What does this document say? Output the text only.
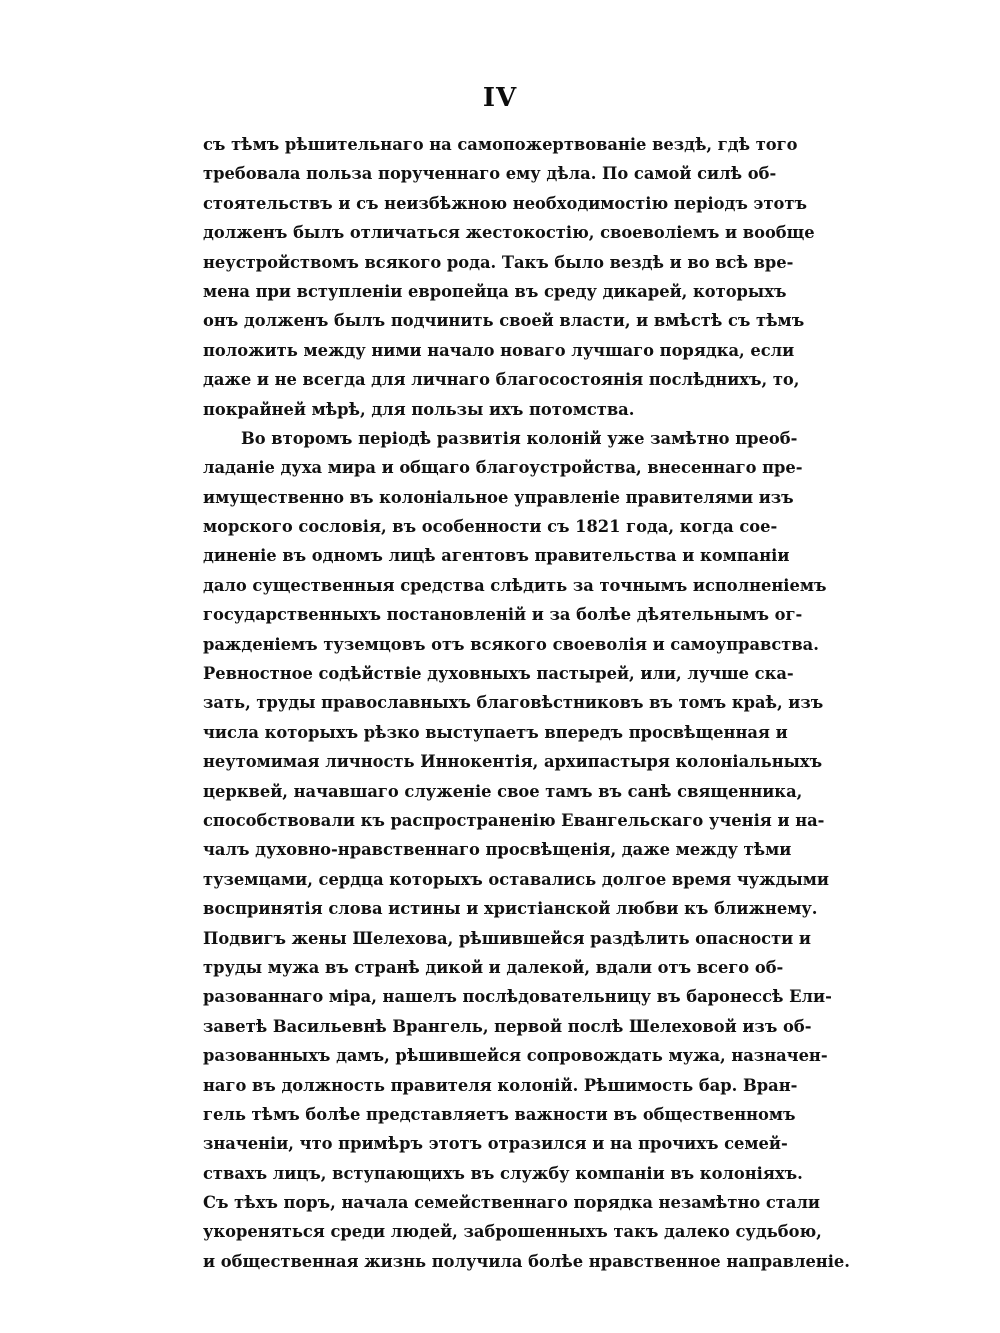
IV
съ тѣмъ рѣшительнаго на самопожертвованіе вездѣ, гдѣ того
требовала польза порученнаго ему дѣла. По самой силѣ об-
стоятельствъ и съ неизбѣжною необходимостію періодъ этотъ
долженъ былъ отличаться жестокостію, своеволіемъ и вообще
неустройствомъ всякого рода. Такъ было вездѣ и во всѣ вре-
мена при вступленіи европейца въ среду дикарей, которыхъ
онъ долженъ былъ подчинить своей власти, и вмѣстѣ съ тѣмъ
положить между ними начало новаго лучшаго порядка, если
даже и не всегда для личнаго благосостоянія послѣднихъ, то,
покрайней мѣрѣ, для пользы ихъ потомства.
Во второмъ періодѣ развитія колоній уже замѣтно преоб-
ладаніе духа мира и общаго благоустройства, внесеннаго пре-
имущественно въ колоніальное управленіе правителями изъ
морского сословія, въ особенности съ 1821 года, когда сое-
диненіе въ одномъ лицѣ агентовъ правительства и компаніи
дало существенныя средства слѣдить за точнымъ исполненіемъ
государственныхъ постановленій и за болѣе дѣятельнымъ ог-
ражденіемъ туземцовъ отъ всякого своеволія и самоуправства.
Ревностное содѣйствіе духовныхъ пастырей, или, лучше ска-
зать, труды православныхъ благовѣстниковъ въ томъ краѣ, изъ
числа которыхъ рѣзко выступаетъ впередъ просвѣщенная и
неутомимая личность Иннокентія, архипастыря колоніальныхъ
церквей, начавшаго служеніе свое тамъ въ санѣ священника,
способствовали къ распространенію Евангельскаго ученія и на-
чалъ духовно-нравственнаго просвѣщенія, даже между тѣми
туземцами, сердца которыхъ оставались долгое время чуждыми
воспринятія слова истины и христіанской любви къ ближнему.
Подвигъ жены Шелехова, рѣшившейся раздѣлить опасности и
труды мужа въ странѣ дикой и далекой, вдали отъ всего об-
разованнаго міра, нашелъ послѣдовательницу въ баронессѣ Ели-
заветѣ Васильевнѣ Врангель, первой послѣ Шелеховой изъ об-
разованныхъ дамъ, рѣшившейся сопровождать мужа, назначен-
наго въ должность правителя колоній. Рѣшимость бар. Вран-
гель тѣмъ болѣе представляетъ важности въ общественномъ
значеніи, что примѣръ этотъ отразился и на прочихъ семей-
ствахъ лицъ, вступающихъ въ службу компаніи въ колоніяхъ.
Съ тѣхъ поръ, начала семейственнаго порядка незамѣтно стали
укореняться среди людей, заброшенныхъ такъ далеко судьбою,
и общественная жизнь получила болѣе нравственное направленіе.
